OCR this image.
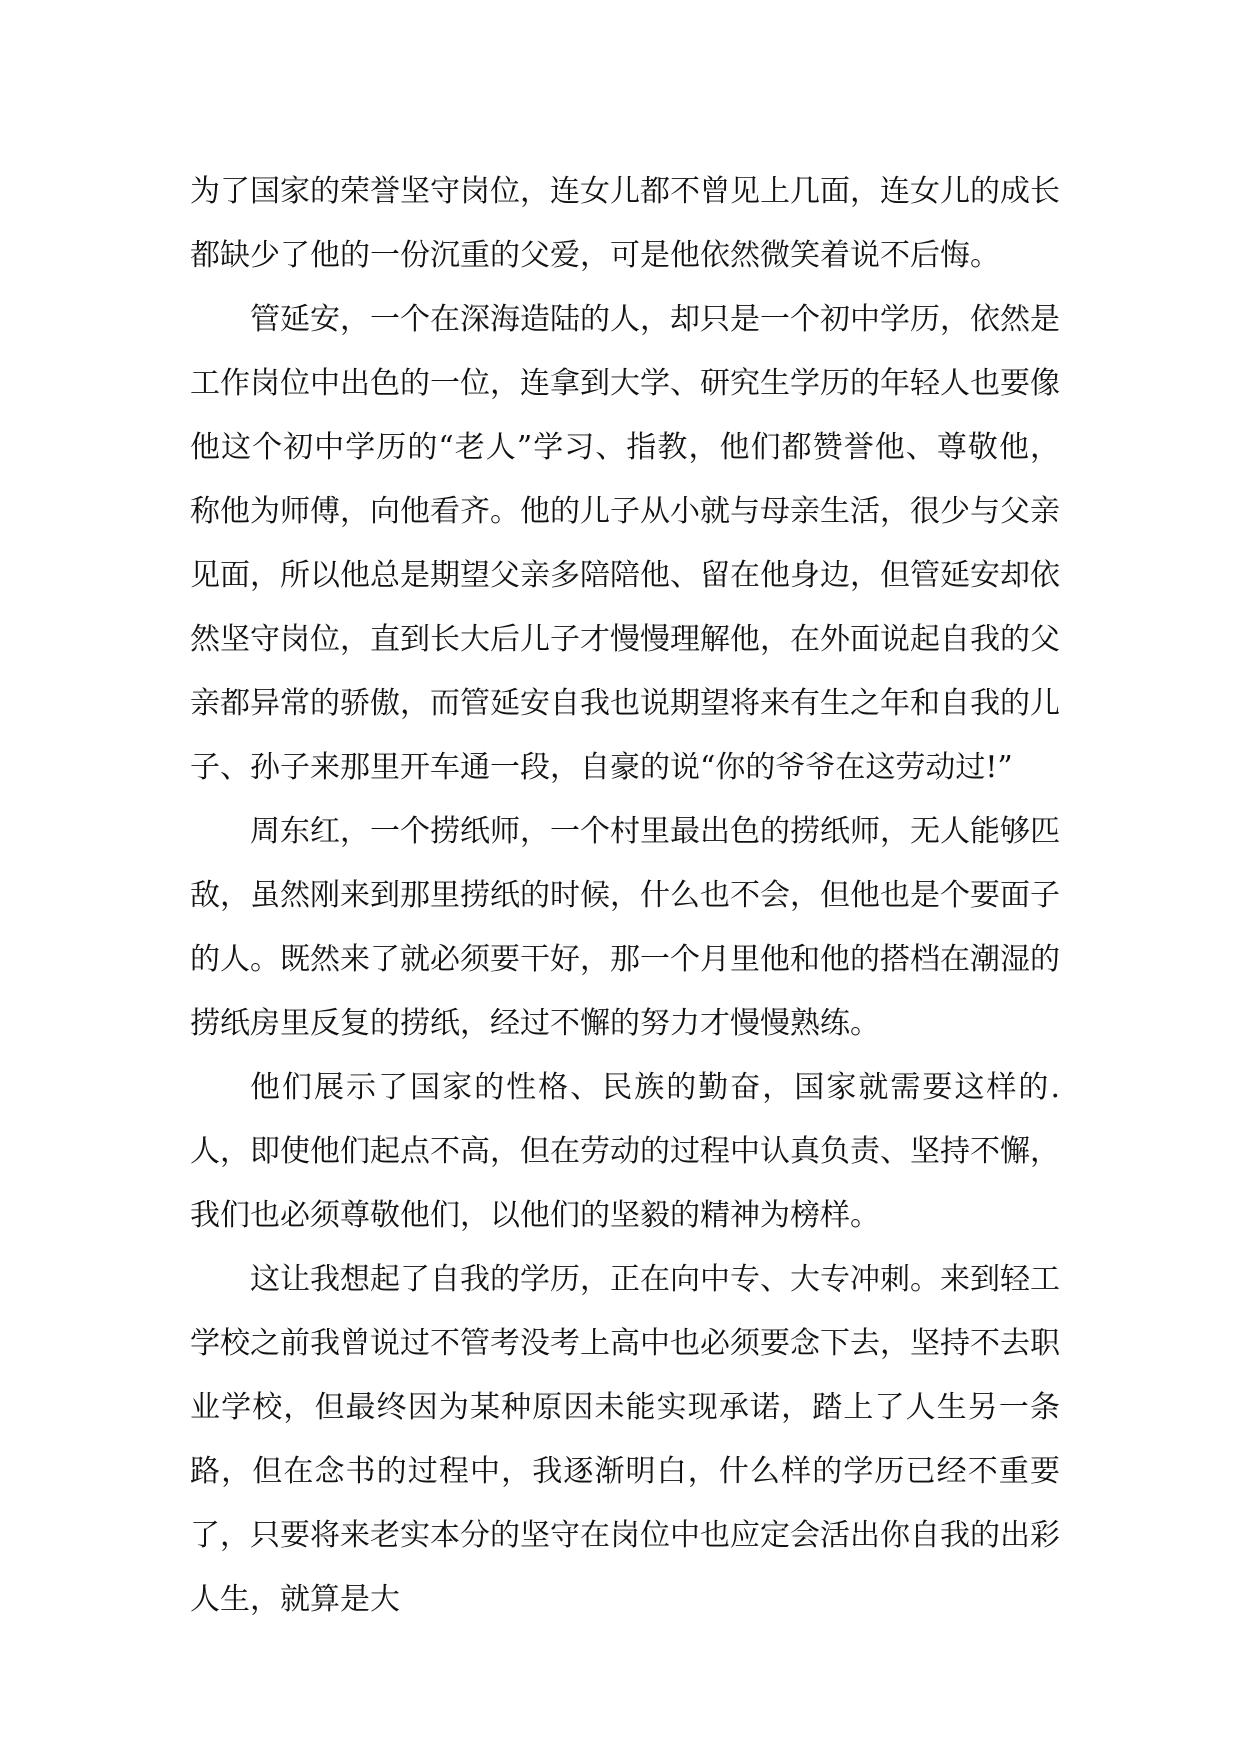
为了国家的荣誉坚守岗位，连女儿都不曾见上几面，连女儿的成长都缺少了他的一份沉重的父爱，可是他依然微笑着说不后悔。

管延安，一个在深海造陆的人，却只是一个初中学历，依然是工作岗位中出色的一位，连拿到大学、研究生学历的年轻人也要像他这个初中学历的“老人”学习、指教，他们都赞誉他、尊敬他，称他为师傅，向他看齐。他的儿子从小就与母亲生活，很少与父亲见面，所以他总是期望父亲多陪陪他、留在他身边，但管延安却依然坚守岗位，直到长大后儿子才慢慢理解他，在外面说起自我的父亲都异常的骄傲，而管延安自我也说期望将来有生之年和自我的儿子、孙子来那里开车通一段，自豪的说“你的爷爷在这劳动过!”

周东红，一个捞纸师，一个村里最出色的捞纸师，无人能够匹敌，虽然刚来到那里捞纸的时候，什么也不会，但他也是个要面子的人。既然来了就必须要干好，那一个月里他和他的搭档在潮湿的捞纸房里反复的捞纸，经过不懈的努力才慢慢熟练。

他们展示了国家的性格、民族的勤奋，国家就需要这样的. 人，即使他们起点不高，但在劳动的过程中认真负责、坚持不懈，我们也必须尊敬他们，以他们的坚毅的精神为榜样。

这让我想起了自我的学历，正在向中专、大专冲刺。来到轻工学校之前我曾说过不管考没考上高中也必须要念下去，坚持不去职业学校，但最终因为某种原因未能实现承诺，踏上了人生另一条路，但在念书的过程中，我逐渐明白，什么样的学历已经不重要了，只要将来老实本分的坚守在岗位中也应定会活出你自我的出彩人生，就算是大
